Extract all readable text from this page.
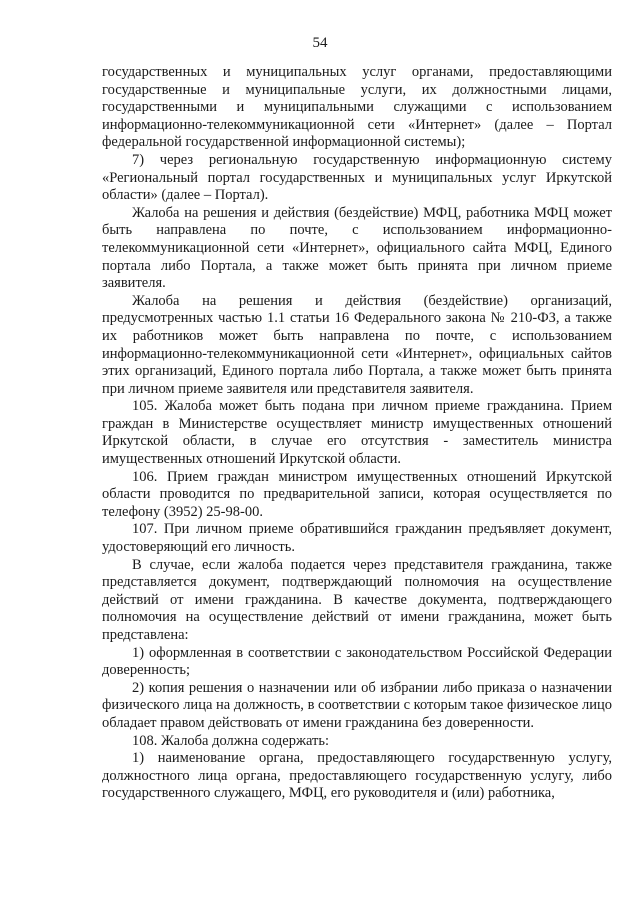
54

государственных и муниципальных услуг органами, предоставляющими государственные и муниципальные услуги, их должностными лицами, государственными и муниципальными служащими с использованием информационно-телекоммуникационной сети «Интернет» (далее – Портал федеральной государственной информационной системы);

7) через региональную государственную информационную систему «Региональный портал государственных и муниципальных услуг Иркутской области» (далее – Портал).

Жалоба на решения и действия (бездействие) МФЦ, работника МФЦ может быть направлена по почте, с использованием информационно-телекоммуникационной сети «Интернет», официального сайта МФЦ, Единого портала либо Портала, а также может быть принята при личном приеме заявителя.

Жалоба на решения и действия (бездействие) организаций, предусмотренных частью 1.1 статьи 16 Федерального закона № 210-ФЗ, а также их работников может быть направлена по почте, с использованием информационно-телекоммуникационной сети «Интернет», официальных сайтов этих организаций, Единого портала либо Портала, а также может быть принята при личном приеме заявителя или представителя заявителя.

105. Жалоба может быть подана при личном приеме гражданина. Прием граждан в Министерстве осуществляет министр имущественных отношений Иркутской области, в случае его отсутствия - заместитель министра имущественных отношений Иркутской области.

106. Прием граждан министром имущественных отношений Иркутской области проводится по предварительной записи, которая осуществляется по телефону (3952) 25-98-00.

107. При личном приеме обратившийся гражданин предъявляет документ, удостоверяющий его личность.

В случае, если жалоба подается через представителя гражданина, также представляется документ, подтверждающий полномочия на осуществление действий от имени гражданина. В качестве документа, подтверждающего полномочия на осуществление действий от имени гражданина, может быть представлена:

1) оформленная в соответствии с законодательством Российской Федерации доверенность;

2) копия решения о назначении или об избрании либо приказа о назначении физического лица на должность, в соответствии с которым такое физическое лицо обладает правом действовать от имени гражданина без доверенности.

108. Жалоба должна содержать:

1) наименование органа, предоставляющего государственную услугу, должностного лица органа, предоставляющего государственную услугу, либо государственного служащего, МФЦ, его руководителя и (или) работника,
